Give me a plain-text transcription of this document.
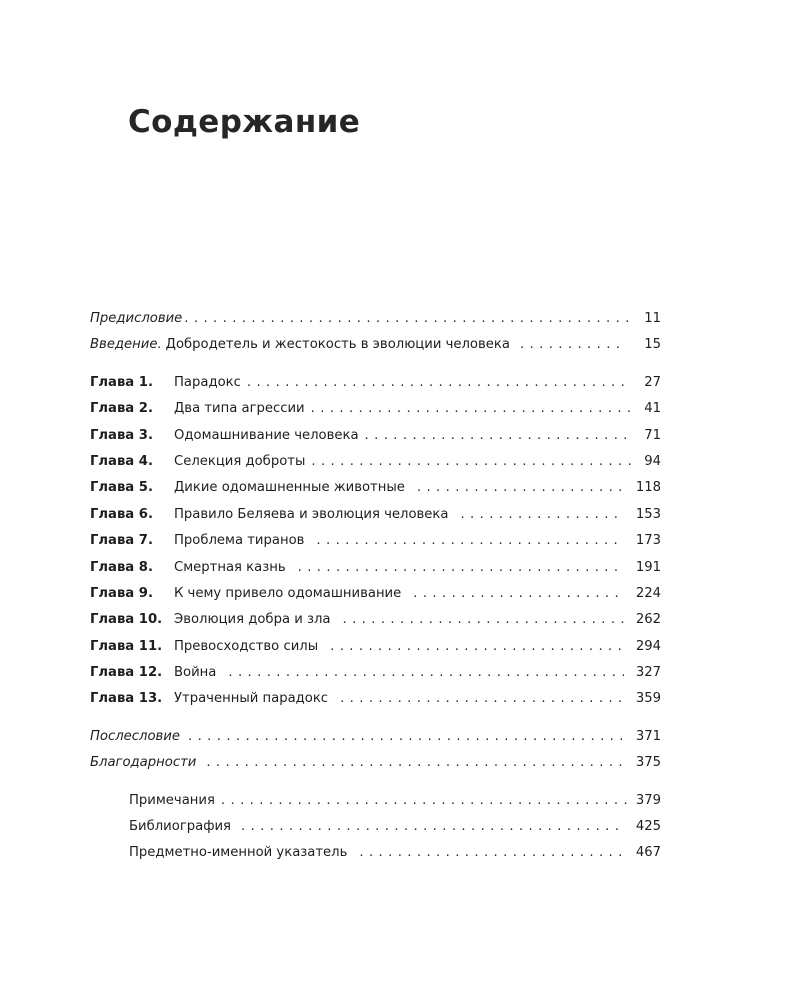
Содержание
Предисловие . . .	11
Введение. Добродетель и жестокость в эволюции человека . . .	15
Глава 1.	Парадокс . . .	27
Глава 2.	Два типа агрессии . . .	41
Глава 3.	Одомашнивание человека . . .	71
Глава 4.	Селекция доброты . . .	94
Глава 5.	Дикие одомашненные животные . . .	118
Глава 6.	Правило Беляева и эволюция человека . . .	153
Глава 7.	Проблема тиранов . . .	173
Глава 8.	Смертная казнь . . .	191
Глава 9.	К чему привело одомашнивание . . .	224
Глава 10. Эволюция добра и зла . . .	262
Глава 11. Превосходство силы . . .	294
Глава 12. Война . . .	327
Глава 13. Утраченный парадокс . . .	359
Послесловие . . .	371
Благодарности . . .	375
Примечания . . .	379
Библиография . . .	425
Предметно-именной указатель . . .	467
